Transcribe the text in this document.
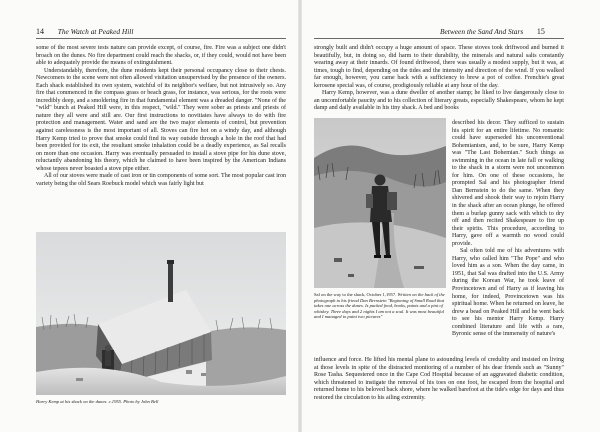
14 The Watch at Peaked Hill

some of the most severe tests nature can provide except, of course, fire. Fire was a subject one didn't broach on the dunes. No fire department could reach the shacks, or, if they could, would not have been able to adequately provide the means of extinguishment.

Understandably, therefore, the dune residents kept their personal occupancy close to their chests. Newcomers to the scene were not often allowed visitation unsupervised by the presence of the owners. Each shack established its own system, watchful of its neighbor's welfare, but not intrusively so. Any fire that commenced in the compass grass or beach grass, for instance, was serious, for the roots were incredibly deep, and a smoldering fire in that fundamental element was a dreaded danger. "None of the "wild" bunch at Peaked Hill were, in this respect, "wild." They were sober as priests and priests of nature they all were and still are. Our first instructions to novitiates have always to do with fire protection and management. Water and sand are the two major elements of control, but prevention against carelessness is the most important of all. Stoves can fire hot on a windy day, and although Harry Kemp tried to prove that smoke could find its way outside through a hole in the roof that had been provided for its exit, the resultant smoke inhalation could be a deadly experience, as Sal recalls on more than one occasion. Harry was eventually persuaded to install a stove pipe for his dune stove, reluctantly abandoning his theory, which he claimed to have been inspired by the American Indians whose tepees never boasted a stove pipe either.

All of our stoves were made of cast iron or tin components of some sort. The most popular cast iron variety being the old Sears Roebuck model which was fairly light but

Harry Kemp at his shack on the dunes. c.1955. Photo by John Bell
Between the Sand And Stars 15

strongly built and didn't occupy a huge amount of space. These stoves took driftwood and burned it beautifully, but, in doing so, did harm to their durability, the minerals and natural salts constantly wearing away at their innards. Of found driftwood, there was usually a modest supply, but it was, at times, tough to find, depending on the tides and the intensity and direction of the wind. If you walked far enough, however, you came back with a sufficiency to brew a pot of coffee. Frenchie's great kerosene special was, of course, prodigiously reliable at any hour of the day.

Harry Kemp, however, was a dune dweller of another stamp; he liked to live dangerously close to an uncomfortable paucity and to his collection of literary greats, especially Shakespeare, whom he kept damp and daily available in his tiny shack. A bed and books

described his decor. They sufficed to sustain his spirit for an entire lifetime. No romantic could have superseded his unconventional Bohemianism, and, to be sure, Harry Kemp was "The Last Bohemian." Such things as swimming in the ocean in late fall or walking to the shack in a storm were not uncommon for him. On one of these occasions, he prompted Sal and his photographer friend Dan Bernstein to do the same. When they shivered and shook their way to rejoin Harry in the shack after an ocean plunge, he offered them a burlap gunny sack with which to dry off and then recited Shakespeare to fire up their spirits. This procedure, according to Harry, gave off a warmth no wood could provide.

Sal often told me of his adventures with Harry, who called him "The Pope" and who loved him as a son. When the day came, in 1951, that Sal was drafted into the U.S. Army during the Korean War, he took leave of Provincetown and of Harry as if leaving his home, for indeed, Provincetown was his spiritual home. When he returned on leave, he drew a bead on Peaked Hill and he went back to see his mentor Harry Kemp. Harry combined literature and life with a rare, Byronic sense of the immensity of nature's

Sal on the way to the shack, October 1,1957. Written on the back of the photograph to his friend Dan Bernstein "Beginning of Small Road that takes one across the dunes. Is packed food, books, paints and a pint of whiskey. Three days and 2 nights I am not a soul. It was most beautiful and I managed to paint two pictures"

influence and force. He lifted his mental plane to astounding levels of credulity and insisted on living at those levels in spite of the distracted monitoring of a number of his dear friends such as "Sunny" Rose Tasha. Sequestered once in the Cape Cod Hospital because of an aggravated diabetic condition, which threatened to instigate the removal of his toes on one foot, he escaped from the hospital and returned home to his beloved back shore, where he walked barefoot at the tide's edge for days and thus restored the circulation to his ailing extremity.
